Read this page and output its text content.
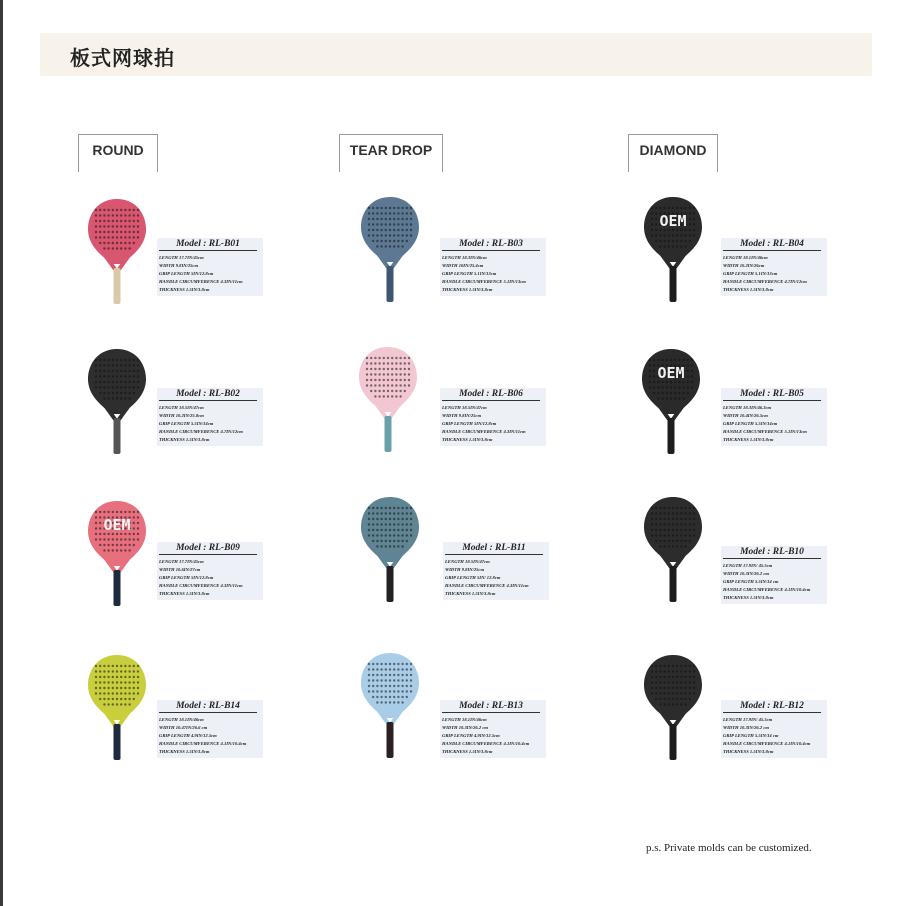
板式网球拍
ROUND	TEAR DROP	DIAMOND
Model : RL-B01
LENGTH 17.7IN/45cm
WIDTH 9.8IN/25cm
GRIP LENGTH 5IN/12.8cm
HANDLE CIRCUMFERENCE 4.3IN/11cm
THICKNESS 1.5IN/3.8cm
Model : RL-B03
LENGTH 18.3IN/46cm
WIDTH 10IN/25.4cm
GRIP LENGTH 5.1IN/13cm
HANDLE CIRCUMFERENCE 5.1IN/13cm
THICKNESS 1.5IN/3.8cm
OEM
Model : RL-B04
LENGTH 18.1IN/46cm
WIDTH 10.2IN/26cm
GRIP LENGTH 5.1IN/13cm
HANDLE CIRCUMFERENCE 4.7IN/12cm
THICKNESS 1.5IN/3.8cm
Model : RL-B02
LENGTH 18.5IN/47cm
WIDTH 10.2IN/25.8cm
GRIP LENGTH 5.5IN/14cm
HANDLE CIRCUMFERENCE 4.7IN/12cm
THICKNESS 1.5IN/3.8cm
Model : RL-B06
LENGTH 18.5IN/47cm
WIDTH 9.8IN/25cm
GRIP LENGTH 5IN/12.8cm
HANDLE CIRCUMFERENCE 4.3IN/11cm
THICKNESS 1.5IN/3.8cm
OEM
Model : RL-B05
LENGTH 18.3IN/46.3cm
WIDTH 10.4IN/26.5cm
GRIP LENGTH 5.5IN/14cm
HANDLE CIRCUMFERENCE 5.1IN/13cm
THICKNESS 1.5IN/3.8cm
OEM
Model : RL-B09
LENGTH 17.7IN/45cm
WIDTH 10.6IN/27cm
GRIP LENGTH 5IN/12.8cm
HANDLE CIRCUMFERENCE 4.3IN/11cm
THICKNESS 1.5IN/3.8cm
Model : RL-B11
LENGTH 18.5IN/47cm
WIDTH 9.8IN/25cm
GRIP LENGTH 5IN/ 12.8cm
HANDLE CIRCUMFERENCE 4.3IN/11cm
THICKNESS 1.5IN/3.8cm
Model : RL-B10
LENGTH 17.9IN/ 45.5cm
WIDTH 10.3IN/26.2 cm
GRIP LENGTH 5.5IN/14 cm
HANDLE CIRCUMFERENCE 4.1IN/10.4cm
THICKNESS 1.5IN/3.8cm
Model : RL-B14
LENGTH 18.1IN/46cm
WIDTH 10.47IN/26.6 cm
GRIP LENGTH 4.9IN/12.5cm
HANDLE CIRCUMFERENCE 4.1IN/10.4cm
THICKNESS 1.5IN/3.8cm
Model : RL-B13
LENGTH 18.1IN/46cm
WIDTH 10.3IN/26.2 cm
GRIP LENGTH 4.9IN/12.5cm
HANDLE CIRCUMFERENCE 4.1IN/10.4cm
THICKNESS 1.5IN/3.8cm
Model : RL-B12
LENGTH 17.9IN/ 45.5cm
WIDTH 10.3IN/26.2 cm
GRIP LENGTH 5.5IN/14 cm
HANDLE CIRCUMFERENCE 4.1IN/10.4cm
THICKNESS 1.5IN/3.8cm
p.s. Private molds can be customized.
